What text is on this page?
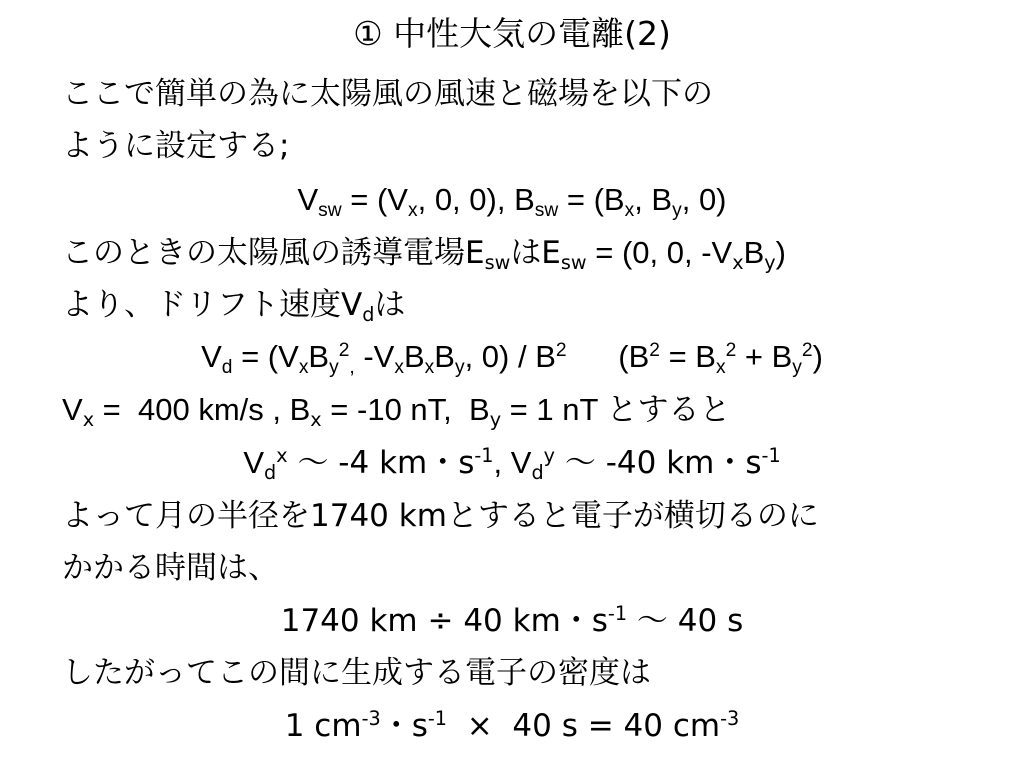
① 中性大気の電離(2)
ここで簡単の為に太陽風の風速と磁場を以下の
ように設定する;
$V_{sw} = (V_x$, 0, 0), $B_{sw} = (B_x$, $B_y$, 0)
このときの太陽風の誘導電場$E_{sw}$は$E_{sw} = (0$, 0, $-V_xB_y$)
より、ドリフト速度$V_d$は
$V_d = (V_xB_y^2_,$ $-V_xB_xB_y$, $0) / B^2$      $(B^2 = B_x^2 + B_y^2)$
$V_x = 400$ km/s , $B_x = -10$ nT,  $B_y = 1$ nT とすると
$V_d^x$ 〜 -4 km・$s^{-1}$, $V_d^y$ 〜 -40 km・$s^{-1}$
よって月の半径を1740 kmとすると電子が横切るのに
かかる時間は、
1740 km ÷ 40 km・$s^{-1}$ 〜 40 s
したがってこの間に生成する電子の密度は
1 $cm^{-3}$・$s^{-1} \times 40$ s = 40 $cm^{-3}$
